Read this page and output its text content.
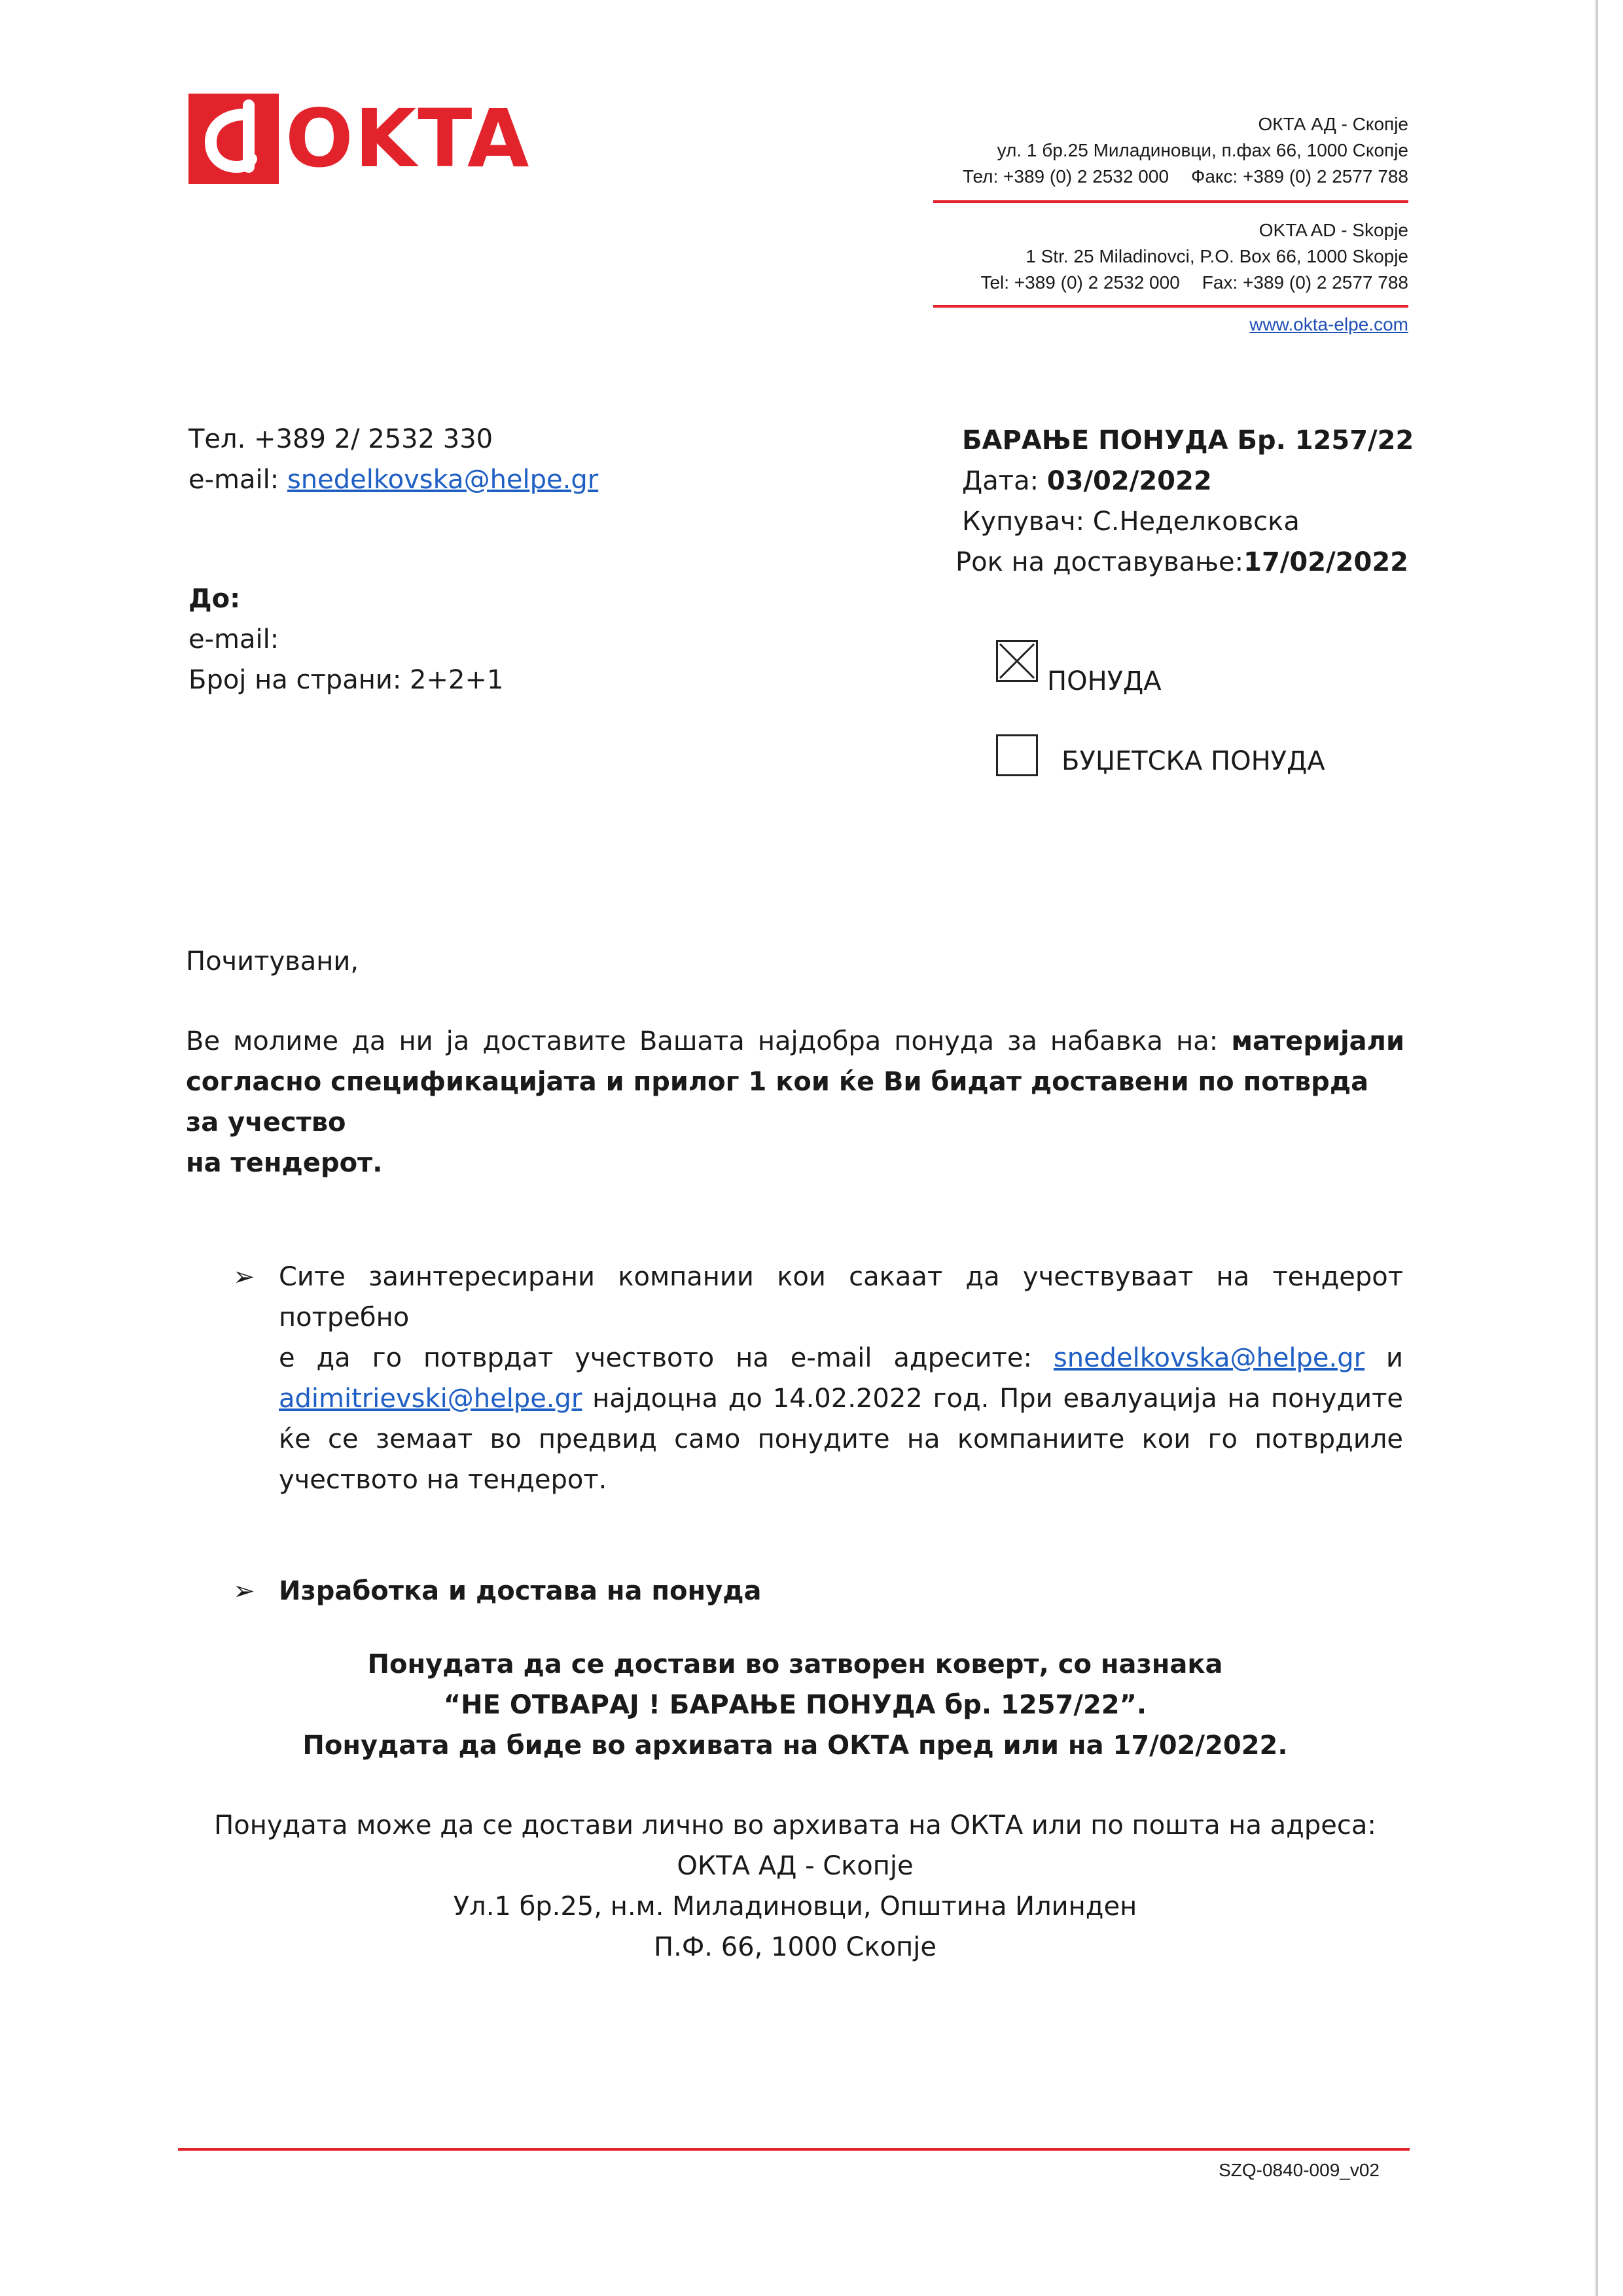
OKTA	ОКТА АД - Скопје
ул. 1 бр.25 Миладиновци, п.фах 66, 1000 Скопје
Тел: +389 (0) 2 2532 000 Факс: +389 (0) 2 2577 788
OKTA AD - Skopje
1 Str. 25 Miladinovci, P.O. Box 66, 1000 Skopje
Tel: +389 (0) 2 2532 000 Fax: +389 (0) 2 2577 788
www.okta-elpe.com
Тел. +389 2/ 2532 330
e-mail: snedelkovska@helpe.gr
БАРАЊЕ ПОНУДА Бр. 1257/22
Дата: 03/02/2022
Купувач: С.Неделковска
Рок на доставување:17/02/2022
До:
e-mail:
Број на страни: 2+2+1	ПОНУДА
БУЏЕТСКА ПОНУДА
Почитувани,
Ве молиме да ни ја доставите Вашата најдобра понуда за набавка на: материјали
согласно спецификацијата и прилог 1 кои ќе Ви бидат доставени по потврда за учество
на тендерот.
➢ Сите заинтересирани компании кои сакаат да учествуваат на тендерот потребно
е да го потврдат учеството на e-mail адресите: snedelkovska@helpe.gr и
adimitrievski@helpe.gr најдоцна до 14.02.2022 год. При евалуација на понудите
ќе се земаат во предвид само понудите на компаниите кои го потврдиле
учеството на тендерот.
➢ Изработка и достава на понуда
Понудата да се достави во затворен коверт, со назнака
“НЕ ОТВАРАЈ ! БАРАЊЕ ПОНУДА бр. 1257/22”.
Понудата да биде во архивата на ОКТА пред или на 17/02/2022.
Понудата може да се достави лично во архивата на ОКТА или по пошта на адреса:
ОКТА АД - Скопје
Ул.1 бр.25, н.м. Миладиновци, Општина Илинден
П.Ф. 66, 1000 Скопје
SZQ-0840-009_v02
